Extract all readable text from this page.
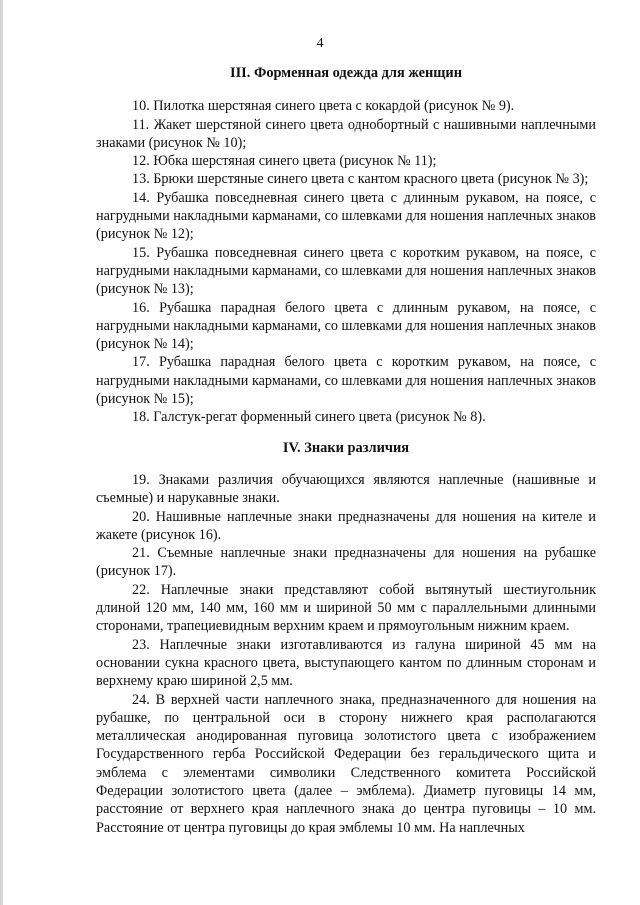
4
III. Форменная одежда для женщин

10. Пилотка шерстяная синего цвета с кокардой (рисунок № 9).

11. Жакет шерстяной синего цвета однобортный с нашивными наплечными знаками (рисунок № 10);

12. Юбка шерстяная синего цвета (рисунок № 11);

13. Брюки шерстяные синего цвета с кантом красного цвета (рисунок № 3);

14. Рубашка повседневная синего цвета с длинным рукавом, на поясе, с нагрудными накладными карманами, со шлевками для ношения наплечных знаков (рисунок № 12);

15. Рубашка повседневная синего цвета с коротким рукавом, на поясе, с нагрудными накладными карманами, со шлевками для ношения наплечных знаков (рисунок № 13);

16. Рубашка парадная белого цвета с длинным рукавом, на поясе, с нагрудными накладными карманами, со шлевками для ношения наплечных знаков (рисунок № 14);

17. Рубашка парадная белого цвета с коротким рукавом, на поясе, с нагрудными накладными карманами, со шлевками для ношения наплечных знаков (рисунок № 15);

18. Галстук-регат форменный синего цвета (рисунок № 8).

IV. Знаки различия

19. Знаками различия обучающихся являются наплечные (нашивные и съемные) и нарукавные знаки.

20. Нашивные наплечные знаки предназначены для ношения на кителе и жакете (рисунок 16).

21. Съемные наплечные знаки предназначены для ношения на рубашке (рисунок 17).

22. Наплечные знаки представляют собой вытянутый шестиугольник длиной 120 мм, 140 мм, 160 мм и шириной 50 мм с параллельными длинными сторонами, трапециевидным верхним краем и прямоугольным нижним краем.

23. Наплечные знаки изготавливаются из галуна шириной 45 мм на основании сукна красного цвета, выступающего кантом по длинным сторонам и верхнему краю шириной 2,5 мм.

24. В верхней части наплечного знака, предназначенного для ношения на рубашке, по центральной оси в сторону нижнего края располагаются металлическая анодированная пуговица золотистого цвета с изображением Государственного герба Российской Федерации без геральдического щита и эмблема с элементами символики Следственного комитета Российской Федерации золотистого цвета (далее – эмблема). Диаметр пуговицы 14 мм, расстояние от верхнего края наплечного знака до центра пуговицы – 10 мм. Расстояние от центра пуговицы до края эмблемы 10 мм. На наплечных
